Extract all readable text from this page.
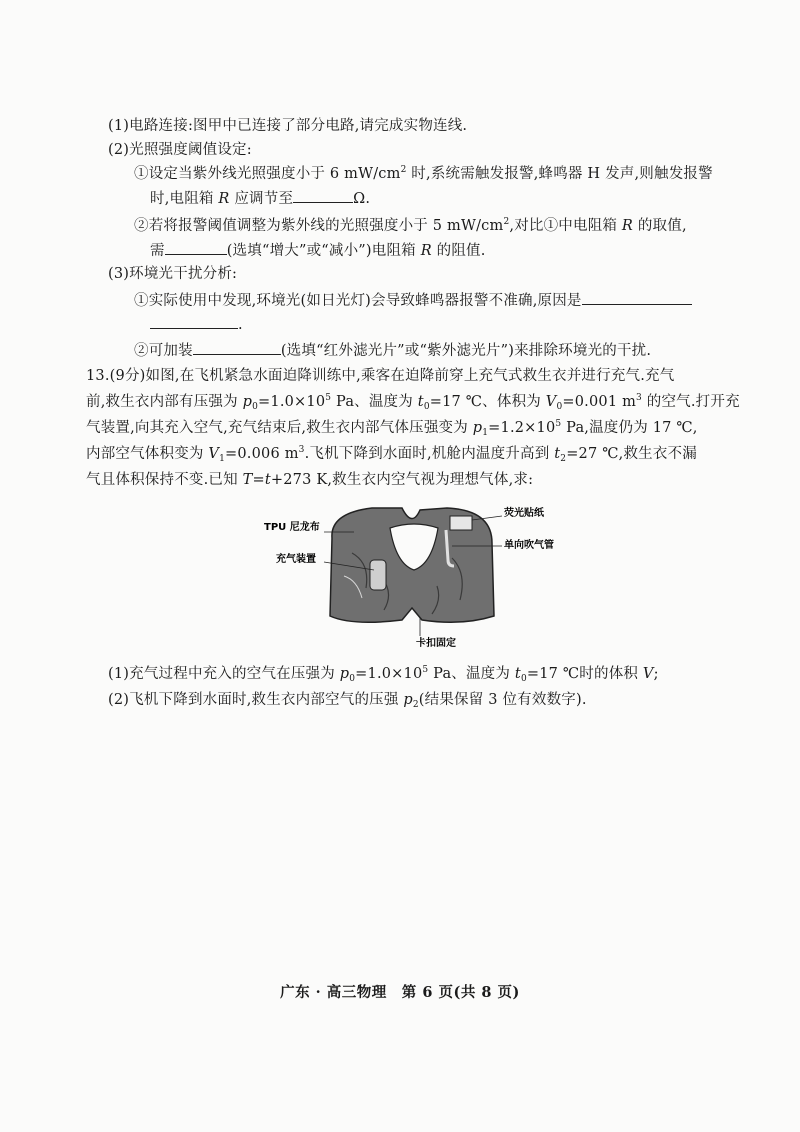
(1)电路连接:图甲中已连接了部分电路,请完成实物连线.
(2)光照强度阈值设定:
①设定当紫外线光照强度小于 6 $mW/cm^2$ 时,系统需触发报警,蜂鸣器 H 发声,则触发报警
时,电阻箱 R 应调节至	Ω.
②若将报警阈值调整为紫外线的光照强度小于 5 $mW/cm^2$,对比①中电阻箱 R 的取值,
需	(选填“增大”或“减小”)电阻箱 R 的阻值.
(3)环境光干扰分析:
①实际使用中发现,环境光(如日光灯)会导致蜂鸣器报警不准确,原因是
.
②可加装	(选填“红外滤光片”或“紫外滤光片”)来排除环境光的干扰.
13.(9分)如图,在飞机紧急水面迫降训练中,乘客在迫降前穿上充气式救生衣并进行充气.充气
前,救生衣内部有压强为 $p_0=1.0\times 10^5$ Pa、温度为 $t_0=17$ ℃、体积为 $V_0=0.001$ $m^3$ 的空气.打开充
气装置,向其充入空气,充气结束后,救生衣内部气体压强变为 $p_1=1.2\times 10^5$ Pa,温度仍为 17 ℃,
内部空气体积变为 $V_1=0.006$ $m^3$.飞机下降到水面时,机舱内温度升高到 $t_2=27$ ℃,救生衣不漏
气且体积保持不变.已知 T=t+273 K,救生衣内空气视为理想气体,求:
TPU 尼龙布
充气装置
荧光贴纸
单向吹气管
卡扣固定
(1)充气过程中充入的空气在压强为 $p_0=1.0\times 10^5$ Pa、温度为 $t_0=17$ ℃时的体积 V;
(2)飞机下降到水面时,救生衣内部空气的压强 $p_2$(结果保留 3 位有效数字).
广东 · 高三物理　第 6 页(共 8 页)
